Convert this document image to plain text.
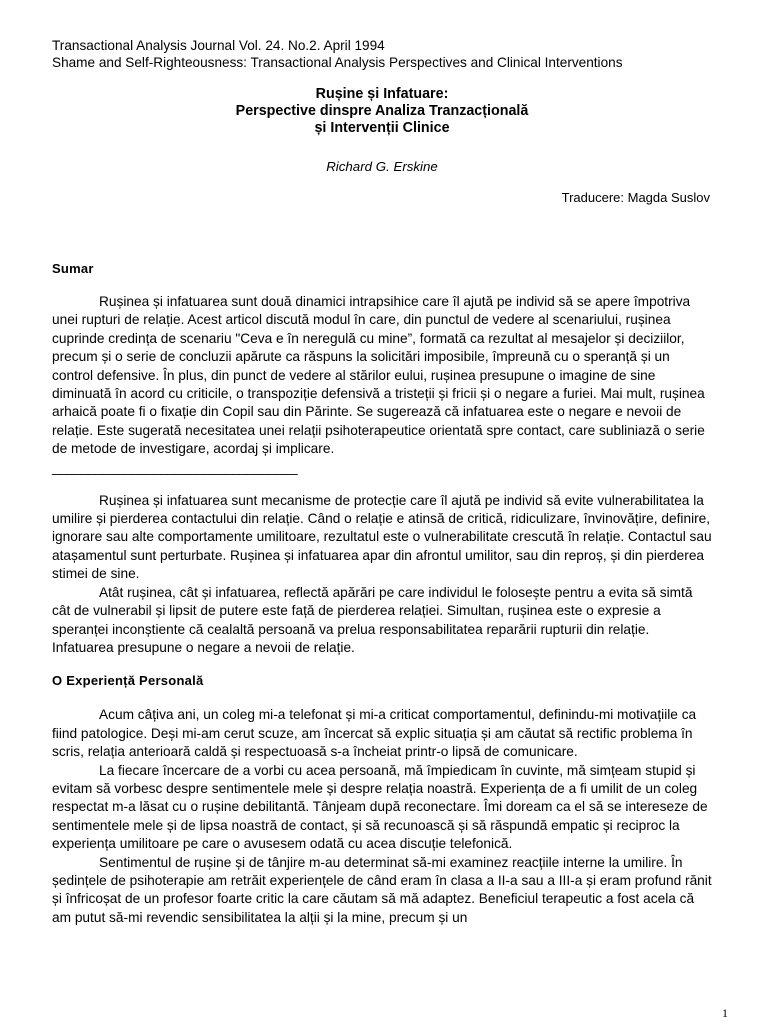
Transactional Analysis Journal Vol. 24. No.2. April 1994
Shame and Self-Righteousness: Transactional Analysis Perspectives and Clinical Interventions
Rușine și Infatuare:
Perspective dinspre Analiza Tranzacțională
și Intervenții Clinice
Richard G. Erskine
Traducere: Magda Suslov
Sumar

Rușinea și infatuarea sunt două dinamici intrapsihice care îl ajută pe individ să se apere împotriva unei rupturi de relație. Acest articol discută modul în care, din punctul de vedere al scenariului, rușinea cuprinde credința de scenariu "Ceva e în neregulă cu mine”, formată ca rezultat al mesajelor și deciziilor, precum și o serie de concluzii apărute ca răspuns la solicitări imposibile, împreună cu o speranță și un control defensive. În plus, din punct de vedere al stărilor eului, rușinea presupune o imagine de sine diminuată în acord cu criticile, o transpoziție defensivă a tristeții și fricii și o negare a furiei. Mai mult, rușinea arhaică poate fi o fixație din Copil sau din Părinte. Se sugerează că infatuarea este o negare e nevoii de relație. Este sugerată necesitatea unei relații psihoterapeutice orientată spre contact, care subliniază o serie de metode de investigare, acordaj și implicare.

__________________________________

Rușinea și infatuarea sunt mecanisme de protecție care îl ajută pe individ să evite vulnerabilitatea la umilire și pierderea contactului din relație. Când o relație e atinsă de critică, ridiculizare, învinovățire, definire, ignorare sau alte comportamente umilitoare, rezultatul este o vulnerabilitate crescută în relație. Contactul sau atașamentul sunt perturbate. Rușinea și infatuarea apar din afrontul umilitor, sau din reproș, și din pierderea stimei de sine.

Atât rușinea, cât și infatuarea, reflectă apărări pe care individul le folosește pentru a evita să simtă cât de vulnerabil și lipsit de putere este față de pierderea relației. Simultan, rușinea este o expresie a speranței inconștiente că cealaltă persoană va prelua responsabilitatea reparării rupturii din relație. Infatuarea presupune o negare a nevoii de relație.

O Experiență Personală

Acum câțiva ani, un coleg mi-a telefonat și mi-a criticat comportamentul, definindu-mi motivațiile ca fiind patologice. Deși mi-am cerut scuze, am încercat să explic situația și am căutat să rectific problema în scris, relația anterioară caldă și respectuoasă s-a încheiat printr-o lipsă de comunicare.

La fiecare încercare de a vorbi cu acea persoană, mă împiedicam în cuvinte, mă simțeam stupid și evitam să vorbesc despre sentimentele mele și despre relația noastră. Experiența de a fi umilit de un coleg respectat m-a lăsat cu o rușine debilitantă. Tânjeam după reconectare. Îmi doream ca el să se intereseze de sentimentele mele și de lipsa noastră de contact, și să recunoască și să răspundă empatic și reciproc la experiența umilitoare pe care o avusesem odată cu acea discuție telefonică.

Sentimentul de rușine și de tânjire m-au determinat să-mi examinez reacțiile interne la umilire. În ședințele de psihoterapie am retrăit experiențele de când eram în clasa a II-a sau a III-a și eram profund rănit și înfricoșat de un profesor foarte critic la care căutam să mă adaptez. Beneficiul terapeutic a fost acela că am putut să-mi revendic sensibilitatea la alții și la mine, precum și un

1
